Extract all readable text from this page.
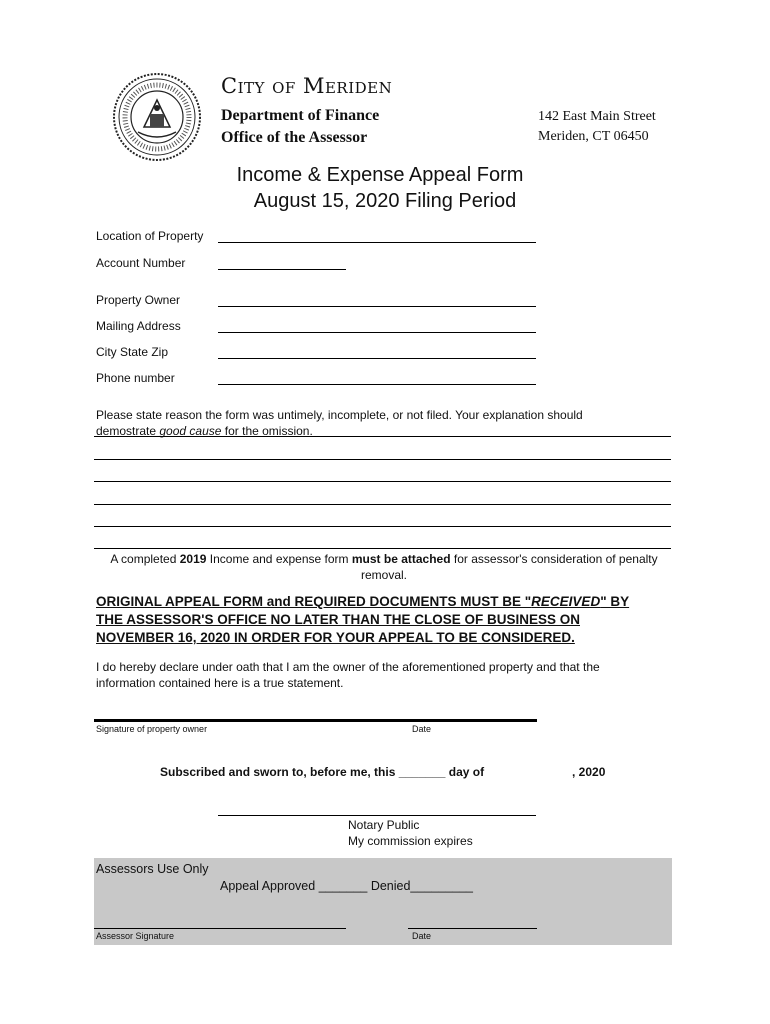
City of Meriden
Department of Finance
Office of the Assessor
142 East Main Street
Meriden, CT 06450
Income & Expense Appeal Form
August 15, 2020 Filing Period
Location of Property
Account Number
Property Owner
Mailing Address
City State Zip
Phone number
Please state reason the form was untimely, incomplete, or not filed. Your explanation should
demostrate good cause for the omission.
A completed 2019 Income and expense form must be attached for assessor's consideration of penalty
removal.
ORIGINAL APPEAL FORM and REQUIRED DOCUMENTS MUST BE "RECEIVED" BY
THE ASSESSOR'S OFFICE NO LATER THAN THE CLOSE OF BUSINESS ON
NOVEMBER 16, 2020 IN ORDER FOR YOUR APPEAL TO BE CONSIDERED.
I do hereby declare under oath that I am the owner of the aforementioned property and that the
information contained here is a true statement.
Signature of property owner	Date
Subscribed and sworn to, before me, this _______ day of	, 2020
Notary Public
My commission expires
Assessors Use Only
Appeal Approved _______ Denied_________
Assessor Signature	Date
